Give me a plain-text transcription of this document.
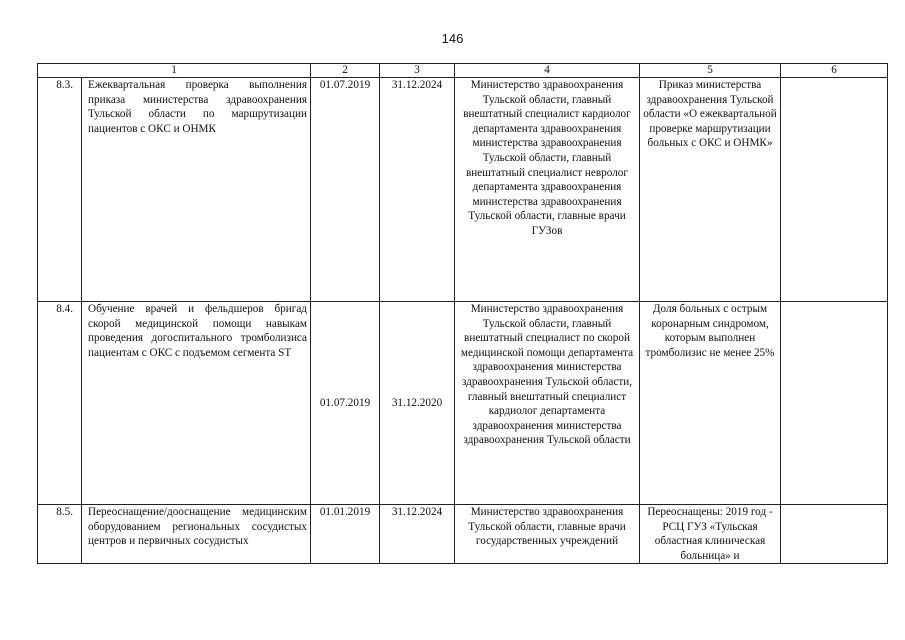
146
1		2	3	4	5	6
8.3.	Ежеквартальная проверка выполнения приказа министерства здравоохранения Тульской области по маршрутизации пациентов с ОКС и ОНМК	01.07.2019	31.12.2024	Министерство здравоохранения Тульской области, главный внештатный специалист кардиолог департамента здравоохранения министерства здравоохранения Тульской области, главный внештатный специалист невролог департамента здравоохранения министерства здравоохранения Тульской области, главные врачи ГУЗов	Приказ министерства здравоохранения Тульской области «О ежеквартальной проверке маршрутизации больных с ОКС и ОНМК»	
8.4.	Обучение врачей и фельдшеров бригад скорой медицинской помощи навыкам проведения догоспитального тромболизиса пациентам с ОКС с подъемом сегмента ST	01.07.2019	31.12.2020	Министерство здравоохранения Тульской области, главный внештатный специалист по скорой медицинской помощи департамента здравоохранения министерства здравоохранения Тульской области, главный внештатный специалист кардиолог департамента здравоохранения министерства здравоохранения Тульской области	Доля больных с острым коронарным синдромом, которым выполнен тромболизис не менее 25%	
8.5.	Переоснащение/дооснащение медицинским оборудованием региональных сосудистых центров и первичных сосудистых	01.01.2019	31.12.2024	Министерство здравоохранения Тульской области, главные врачи государственных учреждений	Переоснащены: 2019 год - РСЦ ГУЗ «Тульская областная клиническая больница» и	
